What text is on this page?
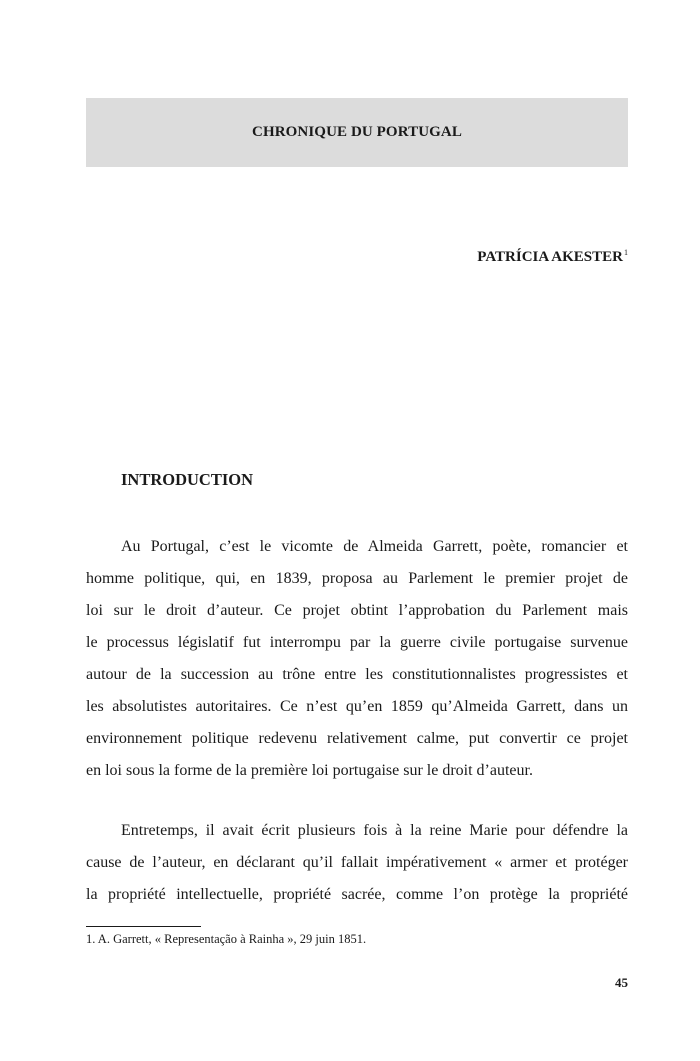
CHRONIQUE DU PORTUGAL
PATRÍCIA AKESTER$^1$
INTRODUCTION
Au Portugal, c’est le vicomte de Almeida Garrett, poète, romancier et
homme politique, qui, en 1839, proposa au Parlement le premier projet de
loi sur le droit d’auteur. Ce projet obtint l’approbation du Parlement mais
le processus législatif fut interrompu par la guerre civile portugaise survenue
autour de la succession au trône entre les constitutionnalistes progressistes et
les absolutistes autoritaires. Ce n’est qu’en 1859 qu’Almeida Garrett, dans un
environnement politique redevenu relativement calme, put convertir ce projet
en loi sous la forme de la première loi portugaise sur le droit d’auteur.
Entretemps, il avait écrit plusieurs fois à la reine Marie pour défendre la
cause de l’auteur, en déclarant qu’il fallait impérativement « armer et protéger
la propriété intellectuelle, propriété sacrée, comme l’on protège la propriété
1. A. Garrett, « Representação à Rainha », 29 juin 1851.
45
